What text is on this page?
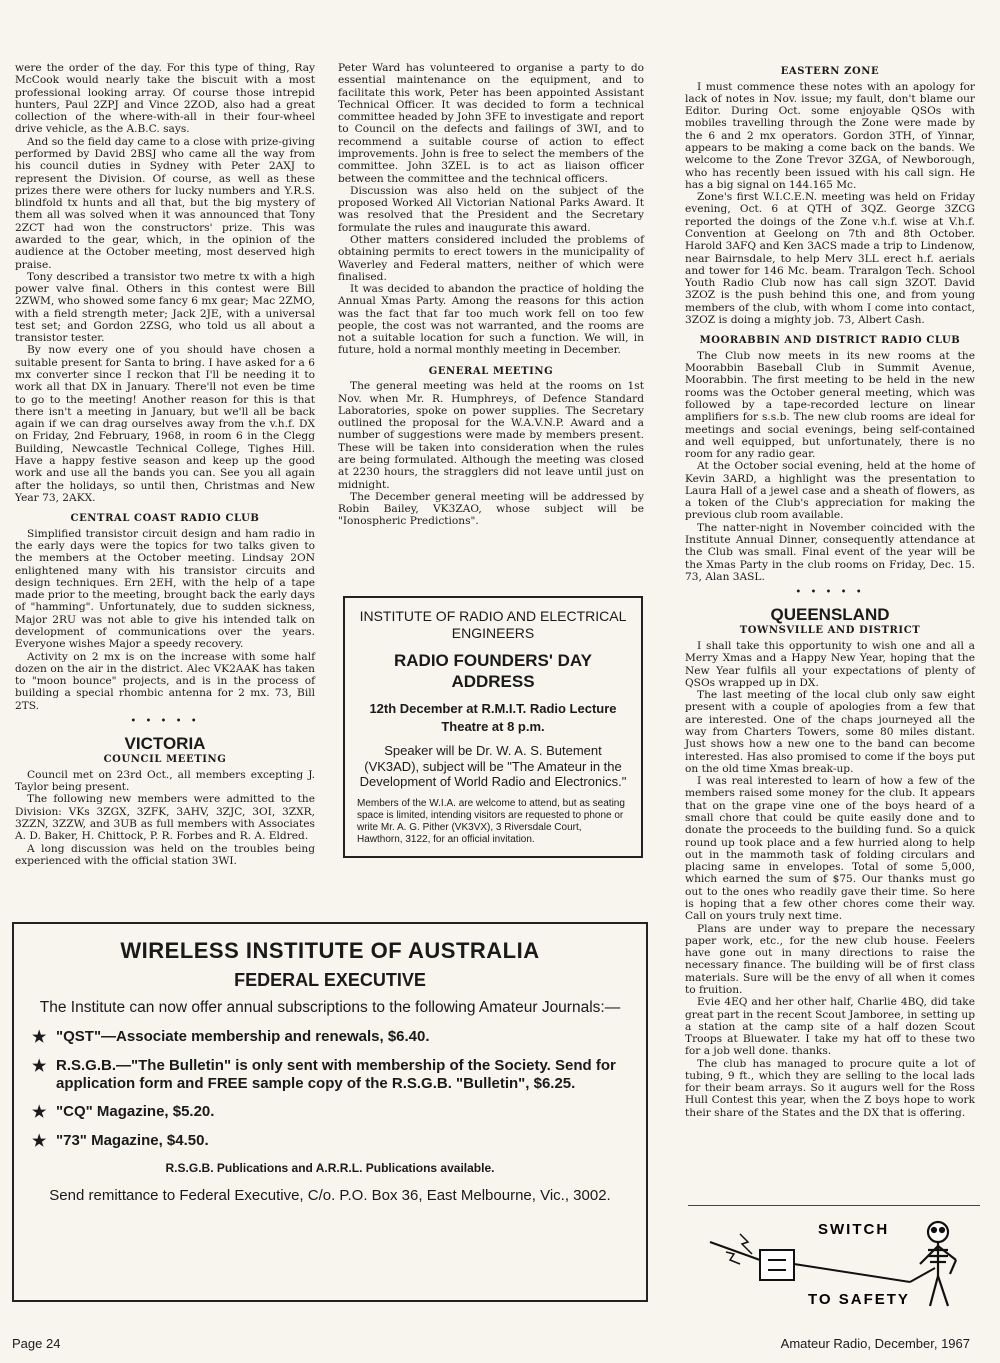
were the order of the day. For this type of thing, Ray McCook would nearly take the biscuit with a most professional looking array. Of course those intrepid hunters, Paul 2ZPJ and Vince 2ZOD, also had a great collection of the where-with-all in their four-wheel drive vehicle, as the A.B.C. says.

And so the field day came to a close with prize-giving performed by David 2BSJ who came all the way from his council duties in Sydney with Peter 2AXJ to represent the Division. Of course, as well as these prizes there were others for lucky numbers and Y.R.S. blindfold tx hunts and all that, but the big mystery of them all was solved when it was announced that Tony 2ZCT had won the constructors' prize. This was awarded to the gear, which, in the opinion of the audience at the October meeting, most deserved high praise.

Tony described a transistor two metre tx with a high power valve final. Others in this contest were Bill 2ZWM, who showed some fancy 6 mx gear; Mac 2ZMO, with a field strength meter; Jack 2JE, with a universal test set; and Gordon 2ZSG, who told us all about a transistor tester.

By now every one of you should have chosen a suitable present for Santa to bring. I have asked for a 6 mx converter since I reckon that I'll be needing it to work all that DX in January. There'll not even be time to go to the meeting! Another reason for this is that there isn't a meeting in January, but we'll all be back again if we can drag ourselves away from the v.h.f. DX on Friday, 2nd February, 1968, in room 6 in the Clegg Building, Newcastle Technical College, Tighes Hill. Have a happy festive season and keep up the good work and use all the bands you can. See you all again after the holidays, so until then, Christmas and New Year 73, 2AKX.

CENTRAL COAST RADIO CLUB

Simplified transistor circuit design and ham radio in the early days were the topics for two talks given to the members at the October meeting. Lindsay 2ON enlightened many with his transistor circuits and design techniques. Ern 2EH, with the help of a tape made prior to the meeting, brought back the early days of "hamming". Unfortunately, due to sudden sickness, Major 2RU was not able to give his intended talk on development of communications over the years. Everyone wishes Major a speedy recovery.

Activity on 2 mx is on the increase with some half dozen on the air in the district. Alec VK2AAK has taken to "moon bounce" projects, and is in the process of building a special rhombic antenna for 2 mx. 73, Bill 2TS.

• • • • •
VICTORIA
COUNCIL MEETING

Council met on 23rd Oct., all members excepting J. Taylor being present.

The following new members were admitted to the Division: VKs 3ZGX, 3ZFK, 3AHV, 3ZJC, 3OI, 3ZXR, 3ZZN, 3ZZW, and 3UB as full members with Associates A. D. Baker, H. Chittock, P. R. Forbes and R. A. Eldred.

A long discussion was held on the troubles being experienced with the official station 3WI.

Peter Ward has volunteered to organise a party to do essential maintenance on the equipment, and to facilitate this work, Peter has been appointed Assistant Technical Officer. It was decided to form a technical committee headed by John 3FE to investigate and report to Council on the defects and failings of 3WI, and to recommend a suitable course of action to effect improvements. John is free to select the members of the committee. John 3ZEL is to act as liaison officer between the committee and the technical officers.

Discussion was also held on the subject of the proposed Worked All Victorian National Parks Award. It was resolved that the President and the Secretary formulate the rules and inaugurate this award.

Other matters considered included the problems of obtaining permits to erect towers in the municipality of Waverley and Federal matters, neither of which were finalised.

It was decided to abandon the practice of holding the Annual Xmas Party. Among the reasons for this action was the fact that far too much work fell on too few people, the cost was not warranted, and the rooms are not a suitable location for such a function. We will, in future, hold a normal monthly meeting in December.

GENERAL MEETING

The general meeting was held at the rooms on 1st Nov. when Mr. R. Humphreys, of Defence Standard Laboratories, spoke on power supplies. The Secretary outlined the proposal for the W.A.V.N.P. Award and a number of suggestions were made by members present. These will be taken into consideration when the rules are being formulated. Although the meeting was closed at 2230 hours, the stragglers did not leave until just on midnight.

The December general meeting will be addressed by Robin Bailey, VK3ZAO, whose subject will be "Ionospheric Predictions".

EASTERN ZONE

I must commence these notes with an apology for lack of notes in Nov. issue; my fault, don't blame our Editor. During Oct. some enjoyable QSOs with mobiles travelling through the Zone were made by the 6 and 2 mx operators. Gordon 3TH, of Yinnar, appears to be making a come back on the bands. We welcome to the Zone Trevor 3ZGA, of Newborough, who has recently been issued with his call sign. He has a big signal on 144.165 Mc.

Zone's first W.I.C.E.N. meeting was held on Friday evening, Oct. 6 at QTH of 3QZ. George 3ZCG reported the doings of the Zone v.h.f. wise at V.h.f. Convention at Geelong on 7th and 8th October. Harold 3AFQ and Ken 3ACS made a trip to Lindenow, near Bairnsdale, to help Merv 3LL erect h.f. aerials and tower for 146 Mc. beam. Traralgon Tech. School Youth Radio Club now has call sign 3ZOT. David 3ZOZ is the push behind this one, and from young members of the club, with whom I come into contact, 3ZOZ is doing a mighty job. 73, Albert Cash.

MOORABBIN AND DISTRICT RADIO CLUB

The Club now meets in its new rooms at the Moorabbin Baseball Club in Summit Avenue, Moorabbin. The first meeting to be held in the new rooms was the October general meeting, which was followed by a tape-recorded lecture on linear amplifiers for s.s.b. The new club rooms are ideal for meetings and social evenings, being self-contained and well equipped, but unfortunately, there is no room for any radio gear.

At the October social evening, held at the home of Kevin 3ARD, a highlight was the presentation to Laura Hall of a jewel case and a sheath of flowers, as a token of the Club's appreciation for making the previous club room available.

The natter-night in November coincided with the Institute Annual Dinner, consequently attendance at the Club was small. Final event of the year will be the Xmas Party in the club rooms on Friday, Dec. 15. 73, Alan 3ASL.

• • • • •
QUEENSLAND
TOWNSVILLE AND DISTRICT

I shall take this opportunity to wish one and all a Merry Xmas and a Happy New Year, hoping that the New Year fulfils all your expectations of plenty of QSOs wrapped up in DX.

The last meeting of the local club only saw eight present with a couple of apologies from a few that are interested. One of the chaps journeyed all the way from Charters Towers, some 80 miles distant. Just shows how a new one to the band can become interested. Has also promised to come if the boys put on the old time Xmas break-up.

I was real interested to learn of how a few of the members raised some money for the club. It appears that on the grape vine one of the boys heard of a small chore that could be quite easily done and to donate the proceeds to the building fund. So a quick round up took place and a few hurried along to help out in the mammoth task of folding circulars and placing same in envelopes. Total of some 5,000, which earned the sum of $75. Our thanks must go out to the ones who readily gave their time. So here is hoping that a few other chores come their way. Call on yours truly next time.

Plans are under way to prepare the necessary paper work, etc., for the new club house. Feelers have gone out in many directions to raise the necessary finance. The building will be of first class materials. Sure will be the envy of all when it comes to fruition.

Evie 4EQ and her other half, Charlie 4BQ, did take great part in the recent Scout Jamboree, in setting up a station at the camp site of a half dozen Scout Troops at Bluewater. I take my hat off to these two for a job well done. thanks.

The club has managed to procure quite a lot of tubing, 9 ft., which they are selling to the local lads for their beam arrays. So it augurs well for the Ross Hull Contest this year, when the Z boys hope to work their share of the States and the DX that is offering.

INSTITUTE OF RADIO AND ELECTRICAL ENGINEERS
RADIO FOUNDERS' DAY ADDRESS
12th December at R.M.I.T. Radio Lecture Theatre at 8 p.m.
Speaker will be Dr. W. A. S. Butement (VK3AD), subject will be "The Amateur in the Development of World Radio and Electronics."
Members of the W.I.A. are welcome to attend, but as seating space is limited, intending visitors are requested to phone or write Mr. A. G. Pither (VK3VX), 3 Riversdale Court, Hawthorn, 3122, for an official invitation.
WIRELESS INSTITUTE OF AUSTRALIA
FEDERAL EXECUTIVE
The Institute can now offer annual subscriptions to the following Amateur Journals:—
★ "QST"—Associate membership and renewals, $6.40.
★ R.S.G.B.—"The Bulletin" is only sent with membership of the Society. Send for application form and FREE sample copy of the R.S.G.B. "Bulletin", $6.25.
★ "CQ" Magazine, $5.20.
★ "73" Magazine, $4.50.
R.S.G.B. Publications and A.R.R.L. Publications available.
Send remittance to Federal Executive, C/o. P.O. Box 36, East Melbourne, Vic., 3002.
SWITCH
TO SAFETY
Page 24	Amateur Radio, December, 1967
